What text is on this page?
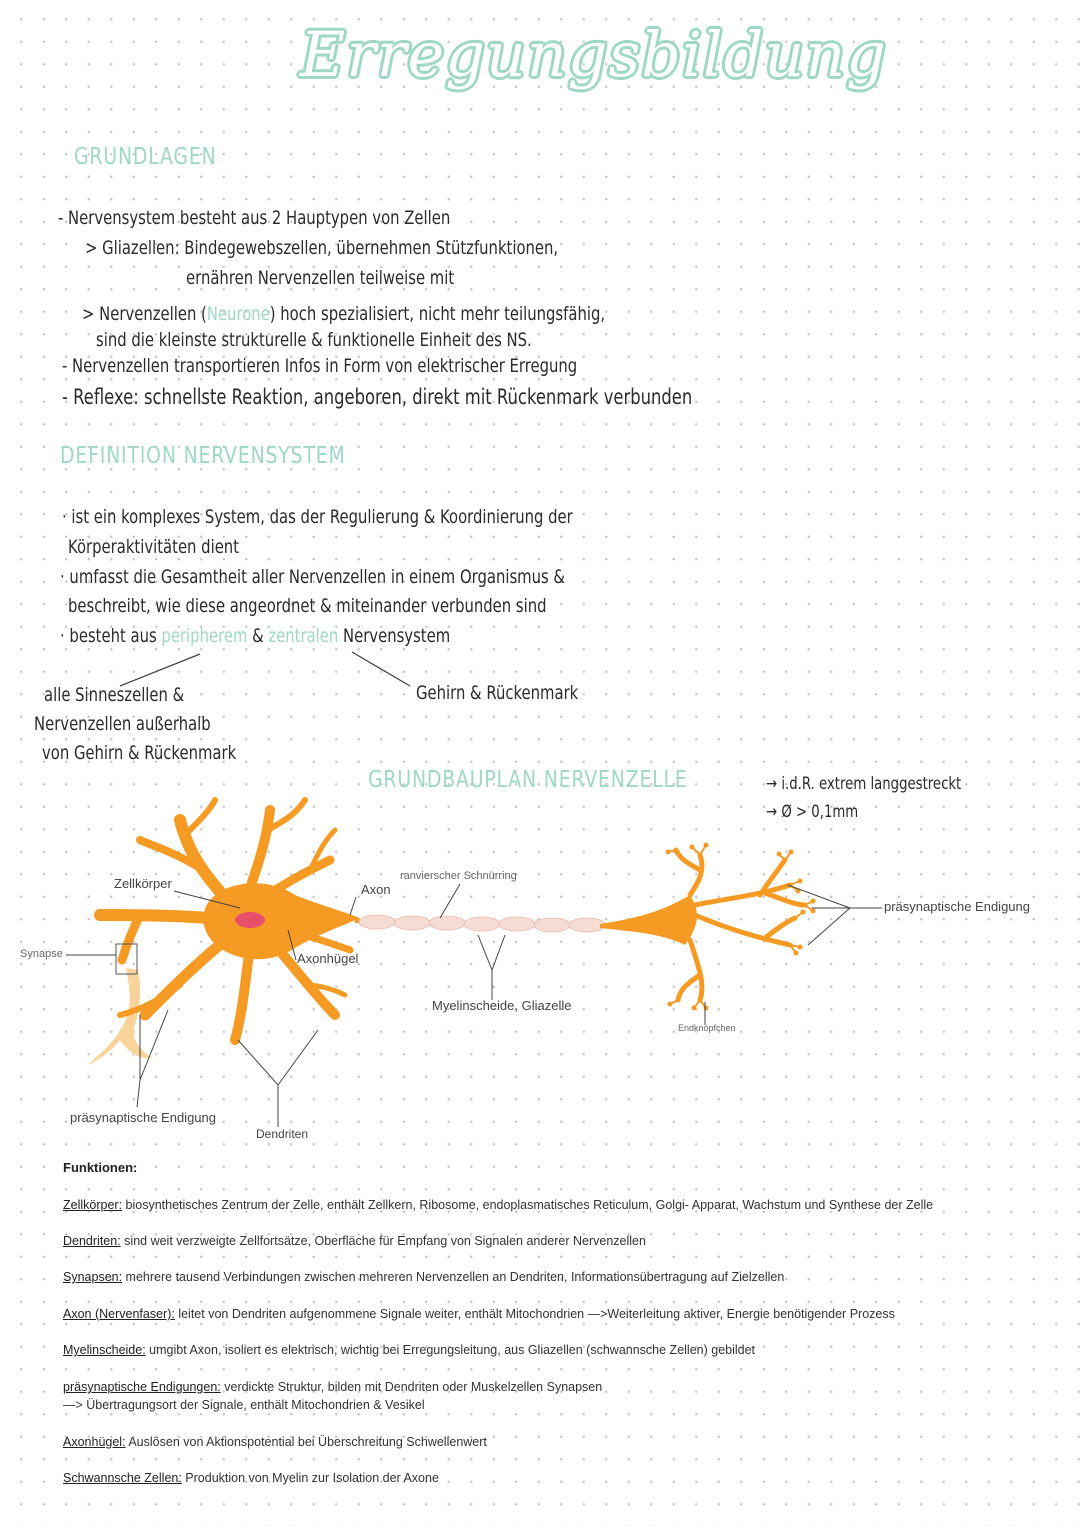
Erregungsbildung
GRUNDLAGEN
- Nervensystem besteht aus 2 Hauptypen von Zellen
> Gliazellen: Bindegewebszellen, übernehmen Stützfunktionen,
ernähren Nervenzellen teilweise mit
> Nervenzellen (Neurone) hoch spezialisiert, nicht mehr teilungsfähig,
sind die kleinste strukturelle & funktionelle Einheit des NS.
- Nervenzellen transportieren Infos in Form von elektrischer Erregung
- Reflexe: schnellste Reaktion, angeboren, direkt mit Rückenmark verbunden
DEFINITION NERVENSYSTEM
· ist ein komplexes System, das der Regulierung & Koordinierung der
Körperaktivitäten dient
· umfasst die Gesamtheit aller Nervenzellen in einem Organismus &
beschreibt, wie diese angeordnet & miteinander verbunden sind
· besteht aus peripherem & zentralen Nervensystem
alle Sinneszellen &
Nervenzellen außerhalb
von Gehirn & Rückenmark
Gehirn & Rückenmark
GRUNDBAUPLAN NERVENZELLE	→ i.d.R. extrem langgestreckt
→ Ø > 0,1mm
Zellkörper	Axon
ranvierscher Schnürring
Synapse	Axonhügel
Myelinscheide, Gliazelle
Endknöpfchen
präsynaptische Endigung
präsynaptische Endigung
Dendriten
Funktionen:
Zellkörper: biosynthetisches Zentrum der Zelle, enthält Zellkern, Ribosome, endoplasmatisches Reticulum, Golgi- Apparat, Wachstum und Synthese der Zelle
Dendriten: sind weit verzweigte Zellfortsätze, Oberfläche für Empfang von Signalen anderer Nervenzellen
Synapsen: mehrere tausend Verbindungen zwischen mehreren Nervenzellen an Dendriten, Informationsübertragung auf Zielzellen
Axon (Nervenfaser): leitet von Dendriten aufgenommene Signale weiter, enthält Mitochondrien —>Weiterleitung aktiver, Energie benötigender Prozess
Myelinscheide: umgibt Axon, isoliert es elektrisch, wichtig bei Erregungsleitung, aus Gliazellen (schwannsche Zellen) gebildet
präsynaptische Endigungen: verdickte Struktur, bilden mit Dendriten oder Muskelzellen Synapsen
—> Übertragungsort der Signale, enthält Mitochondrien & Vesikel
Axonhügel: Auslösen von Aktionspotential bei Überschreitung Schwellenwert
Schwannsche Zellen: Produktion von Myelin zur Isolation der Axone
